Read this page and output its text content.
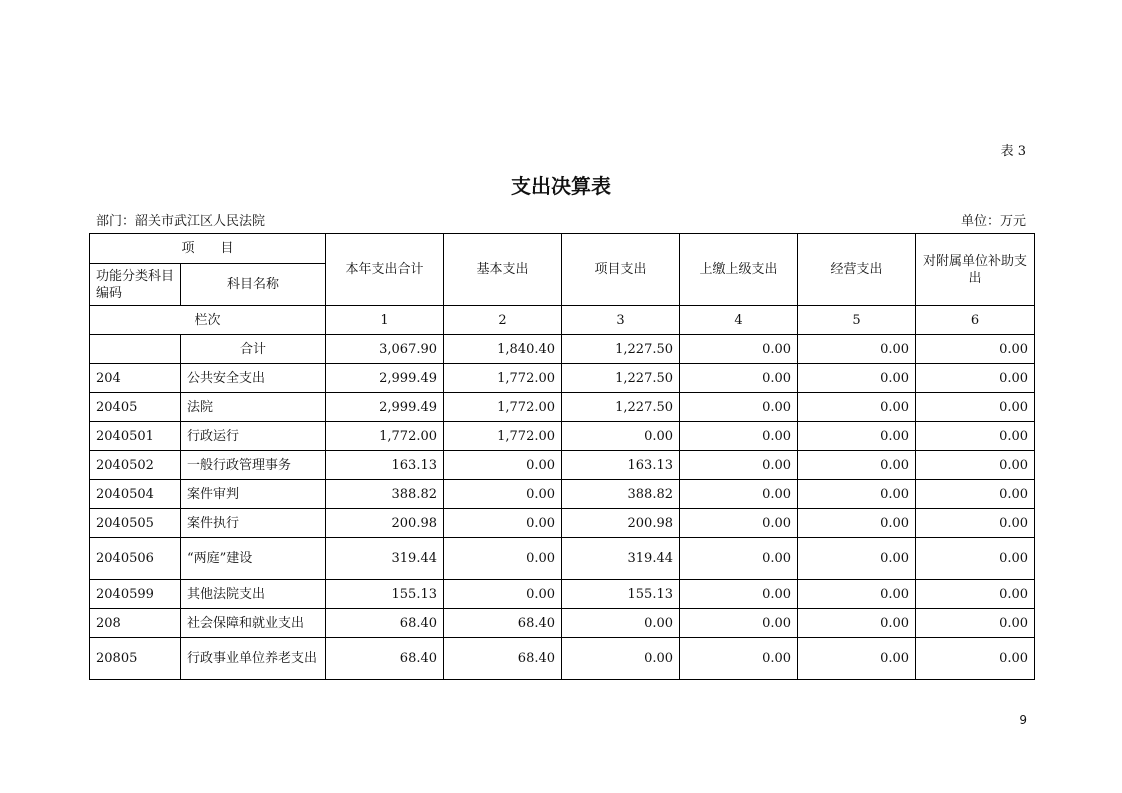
表 3
支出决算表
部门：韶关市武江区人民法院	单位：万元
项　　目		本年支出合计	基本支出	项目支出	上缴上级支出	经营支出	对附属单位补助支出
功能分类科目编码	科目名称						
栏次		1	2	3	4	5	6
	合计	3,067.90	1,840.40	1,227.50	0.00	0.00	0.00
204	公共安全支出	2,999.49	1,772.00	1,227.50	0.00	0.00	0.00
20405	法院	2,999.49	1,772.00	1,227.50	0.00	0.00	0.00
2040501	行政运行	1,772.00	1,772.00	0.00	0.00	0.00	0.00
2040502	一般行政管理事务	163.13	0.00	163.13	0.00	0.00	0.00
2040504	案件审判	388.82	0.00	388.82	0.00	0.00	0.00
2040505	案件执行	200.98	0.00	200.98	0.00	0.00	0.00
2040506	“两庭”建设	319.44	0.00	319.44	0.00	0.00	0.00
2040599	其他法院支出	155.13	0.00	155.13	0.00	0.00	0.00
208	社会保障和就业支出	68.40	68.40	0.00	0.00	0.00	0.00
20805	行政事业单位养老支出	68.40	68.40	0.00	0.00	0.00	0.00
9
